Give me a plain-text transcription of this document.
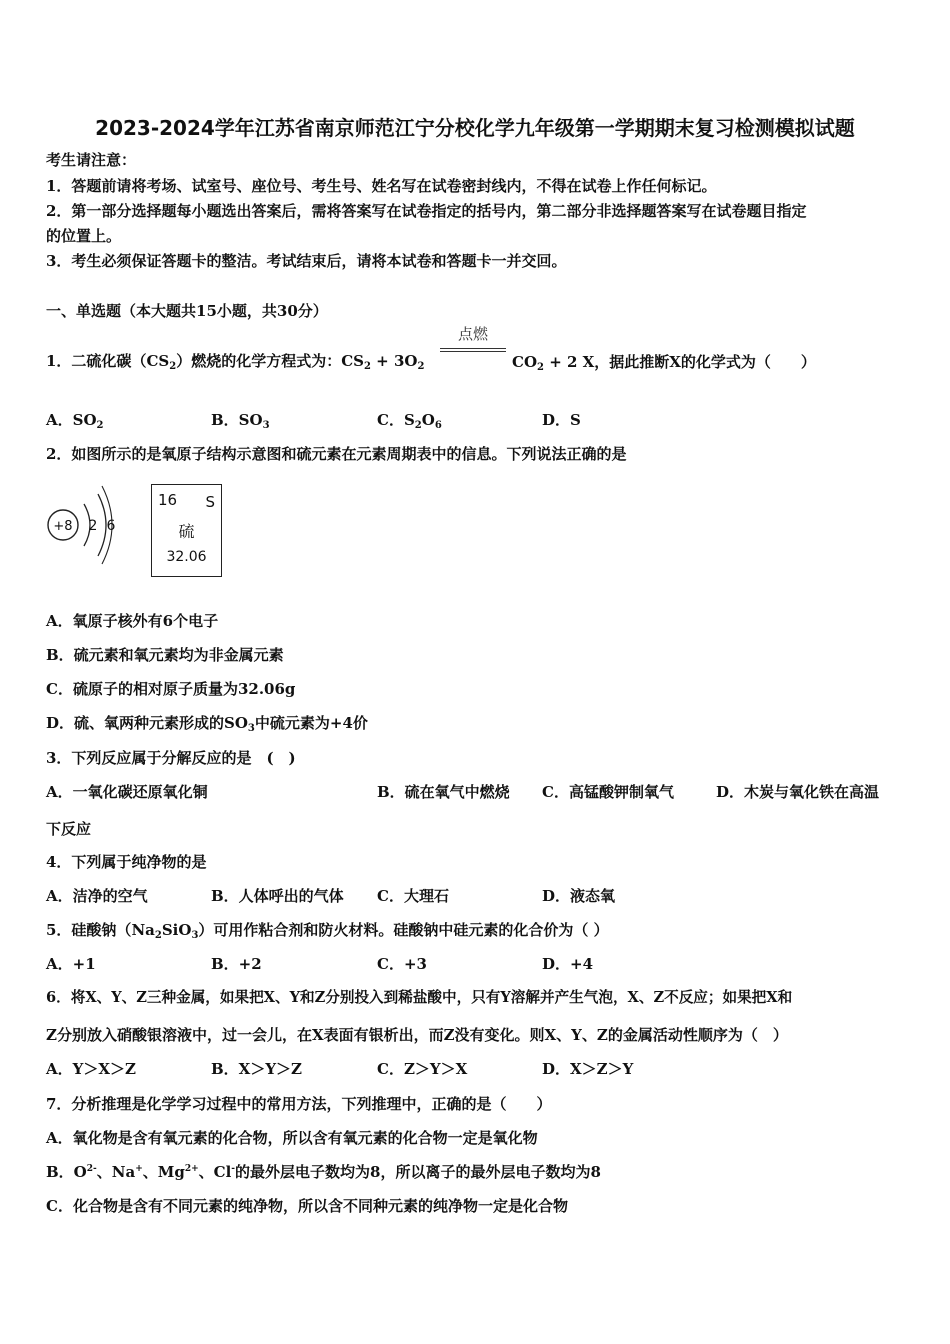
2023-2024学年江苏省南京师范江宁分校化学九年级第一学期期末复习检测模拟试题
考生请注意：
1．答题前请将考场、试室号、座位号、考生号、姓名写在试卷密封线内，不得在试卷上作任何标记。
2．第一部分选择题每小题选出答案后，需将答案写在试卷指定的括号内，第二部分非选择题答案写在试卷题目指定
的位置上。
3．考生必须保证答题卡的整洁。考试结束后，请将本试卷和答题卡一并交回。
一、单选题（本大题共15小题，共30分）
1．二硫化碳$(CS_2)$燃烧的化学方程式为：$CS_2 + 3O_2$
点燃
$CO_2 + 2$ X，据此推断X的化学式为（　　）
A．$SO_2$	B．$SO_3$	C．$S_2O_6$	D．S
2．如图所示的是氧原子结构示意图和硫元素在元素周期表中的信息。下列说法正确的是
+8 2 6
16 S
硫
32.06
A．氧原子核外有6个电子
B．硫元素和氧元素均为非金属元素
C．硫原子的相对原子质量为32.06g
D．硫、氧两种元素形成的$SO_3$中硫元素为+4价
3．下列反应属于分解反应的是　(　)
A．一氧化碳还原氧化铜	B．硫在氧气中燃烧 C．高锰酸钾制氧气	D．木炭与氧化铁在高温
下反应
4．下列属于纯净物的是
A．洁净的空气	B．人体呼出的气体 C．大理石	D．液态氧
5．硅酸钠$(Na_2SiO_3)$可用作粘合剂和防火材料。硅酸钠中硅元素的化合价为（ ）
A．+1	B．+2	C．+3	D．+4
6．将X、Y、Z三种金属，如果把X、Y和Z分别投入到稀盐酸中，只有Y溶解并产生气泡，X、Z不反应；如果把X和
Z分别放入硝酸银溶液中，过一会儿，在X表面有银析出，而Z没有变化。则X、Y、Z的金属活动性顺序为（　）
A．Y＞X＞Z	B．X＞Y＞Z	C．Z＞Y＞X	D．X＞Z＞Y
7．分析推理是化学学习过程中的常用方法，下列推理中，正确的是（　　）
A．氧化物是含有氧元素的化合物，所以含有氧元素的化合物一定是氧化物
B．$O^{2-}$、Na+、$Mg^{2+}$、Cl-的最外层电子数均为8，所以离子的最外层电子数均为8
C．化合物是含有不同元素的纯净物，所以含不同种元素的纯净物一定是化合物
